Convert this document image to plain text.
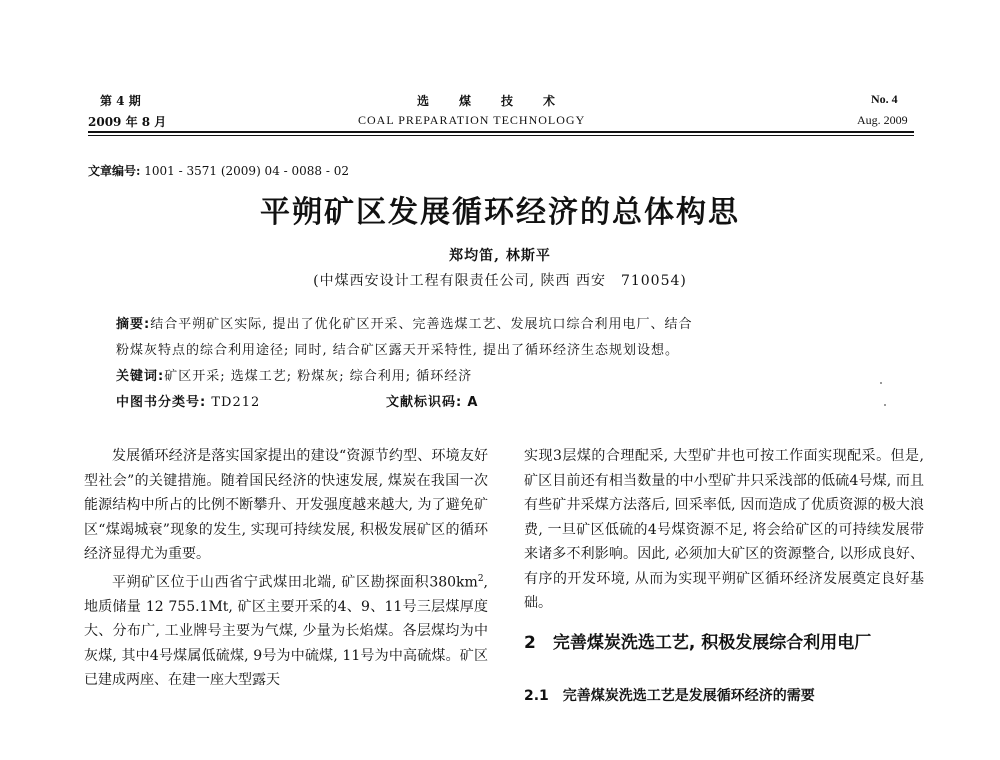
第 4 期
2009 年 8 月
选　　煤　　技　　术
COAL PREPARATION TECHNOLOGY
No. 4
Aug. 2009
文章编号: 1001 - 3571 (2009) 04 - 0088 - 02
平朔矿区发展循环经济的总体构思
郑均笛, 林斯平
(中煤西安设计工程有限责任公司, 陕西 西安　710054)
摘要:结合平朔矿区实际, 提出了优化矿区开采、完善选煤工艺、发展坑口综合利用电厂、结合
粉煤灰特点的综合利用途径; 同时, 结合矿区露天开采特性, 提出了循环经济生态规划设想。
关键词:矿区开采; 选煤工艺; 粉煤灰; 综合利用; 循环经济
中图书分类号: TD212	文献标识码: A

发展循环经济是落实国家提出的建设“资源节约型、环境友好型社会”的关键措施。随着国民经济的快速发展, 煤炭在我国一次能源结构中所占的比例不断攀升、开发强度越来越大, 为了避免矿区“煤竭城衰”现象的发生, 实现可持续发展, 积极发展矿区的循环经济显得尤为重要。

平朔矿区位于山西省宁武煤田北端, 矿区勘探面积$380km^2$, 地质储量 12 755.1Mt, 矿区主要开采的4、9、11号三层煤厚度大、分布广, 工业牌号主要为气煤, 少量为长焰煤。各层煤均为中灰煤, 其中4号煤属低硫煤, 9号为中硫煤, 11号为中高硫煤。矿区已建成两座、在建一座大型露天

实现3层煤的合理配采, 大型矿井也可按工作面实现配采。但是, 矿区目前还有相当数量的中小型矿井只采浅部的低硫4号煤, 而且有些矿井采煤方法落后, 回采率低, 因而造成了优质资源的极大浪费, 一旦矿区低硫的4号煤资源不足, 将会给矿区的可持续发展带来诸多不利影响。因此, 必须加大矿区的资源整合, 以形成良好、有序的开发环境, 从而为实现平朔矿区循环经济发展奠定良好基础。

2　 完善煤炭洗选工艺, 积极发展综合利用电厂
2.1　完善煤炭洗选工艺是发展循环经济的需要
